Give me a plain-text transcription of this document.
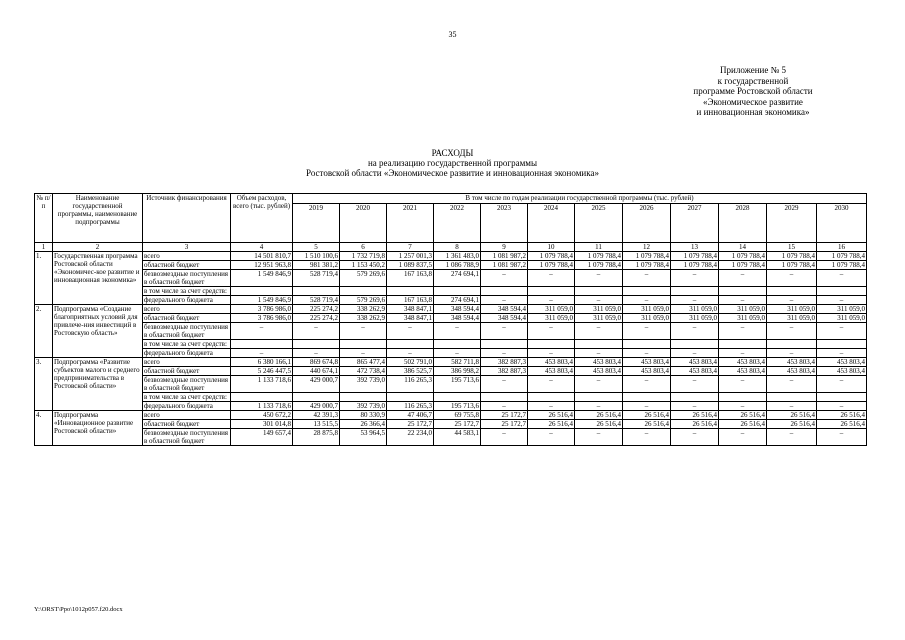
35
Приложение № 5
к государственной
программе Ростовской области
«Экономическое развитие
и инновационная экономика»
РАСХОДЫ
на реализацию государственной программы
Ростовской области «Экономическое развитие и инновационная экономика»
№ п/п	Наименование государственной программы, наименование подпрограммы	Источник финансирования	Объем расходов, всего (тыс. рублей)	В том числе по годам реализации государственной программы (тыс. рублей)											
				2019	2020	2021	2022	2023	2024	2025	2026	2027	2028	2029	2030
1	2	3	4	5	6	7	8	9	10	11	12	13	14	15	16
1.	Государственная программа Ростовской области «Экономичес-кое развитие и инновационная экономика»	всего	14 501 810,7	1 510 100,6	1 732 719,8	1 257 001,3	1 361 483,0	1 081 987,2	1 079 788,4	1 079 788,4	1 079 788,4	1 079 788,4	1 079 788,4	1 079 788,4	1 079 788,4
		областной бюджет	12 951 963,8	981 381,2	1 153 450,2	1 089 837,5	1 086 788,9	1 081 987,2	1 079 788,4	1 079 788,4	1 079 788,4	1 079 788,4	1 079 788,4	1 079 788,4	1 079 788,4
		безвозмездные поступления в областной бюджет	1 549 846,9	528 719,4	579 269,6	167 163,8	274 694,1	–	–	–	–	–	–	–	–
		в том числе за счет средств:													
		федерального бюджета	1 549 846,9	528 719,4	579 269,6	167 163,8	274 694,1	–	–	–	–	–	–	–	–
2.	Подпрограмма «Создание благоприятных условий для привлече-ния инвестиций в Ростовскую область»	всего	3 786 986,0	225 274,2	338 262,9	348 847,1	348 594,4	348 594,4	311 059,0	311 059,0	311 059,0	311 059,0	311 059,0	311 059,0	311 059,0
		областной бюджет	3 786 986,0	225 274,2	338 262,9	348 847,1	348 594,4	348 594,4	311 059,0	311 059,0	311 059,0	311 059,0	311 059,0	311 059,0	311 059,0
		безвозмездные поступления в областной бюджет	–	–	–	–	–	–	–	–	–	–	–	–	–
		в том числе за счет средств:													
		федерального бюджета	–	–	–	–	–	–	–	–	–	–	–	–	–
3.	Подпрограмма «Развитие субъектов малого и среднего предпринимательства в Ростовской области»	всего	6 380 166,1	869 674,8	865 477,4	502 791,0	582 711,8	382 887,3	453 803,4	453 803,4	453 803,4	453 803,4	453 803,4	453 803,4	453 803,4
		областной бюджет	5 246 447,5	440 674,1	472 738,4	386 525,7	386 998,2	382 887,3	453 803,4	453 803,4	453 803,4	453 803,4	453 803,4	453 803,4	453 803,4
		безвозмездные поступления в областной бюджет	1 133 718,6	429 000,7	392 739,0	116 265,3	195 713,6	–	–	–	–	–	–	–	–
		в том числе за счет средств:													
		федерального бюджета	1 133 718,6	429 000,7	392 739,0	116 265,3	195 713,6	–	–	–	–	–	–	–	–
4.	Подпрограмма «Инновационное развитие Ростовской области»	всего	450 672,2	42 391,3	80 330,9	47 406,7	69 755,8	25 172,7	26 516,4	26 516,4	26 516,4	26 516,4	26 516,4	26 516,4	26 516,4
		областной бюджет	301 014,8	13 515,5	26 366,4	25 172,7	25 172,7	25 172,7	26 516,4	26 516,4	26 516,4	26 516,4	26 516,4	26 516,4	26 516,4
		безвозмездные поступления в областной бюджет	149 657,4	28 875,8	53 964,5	22 234,0	44 583,1	–	–	–	–	–	–	–	–
Y:\ORST\Ppo\1012p057.f20.docx
